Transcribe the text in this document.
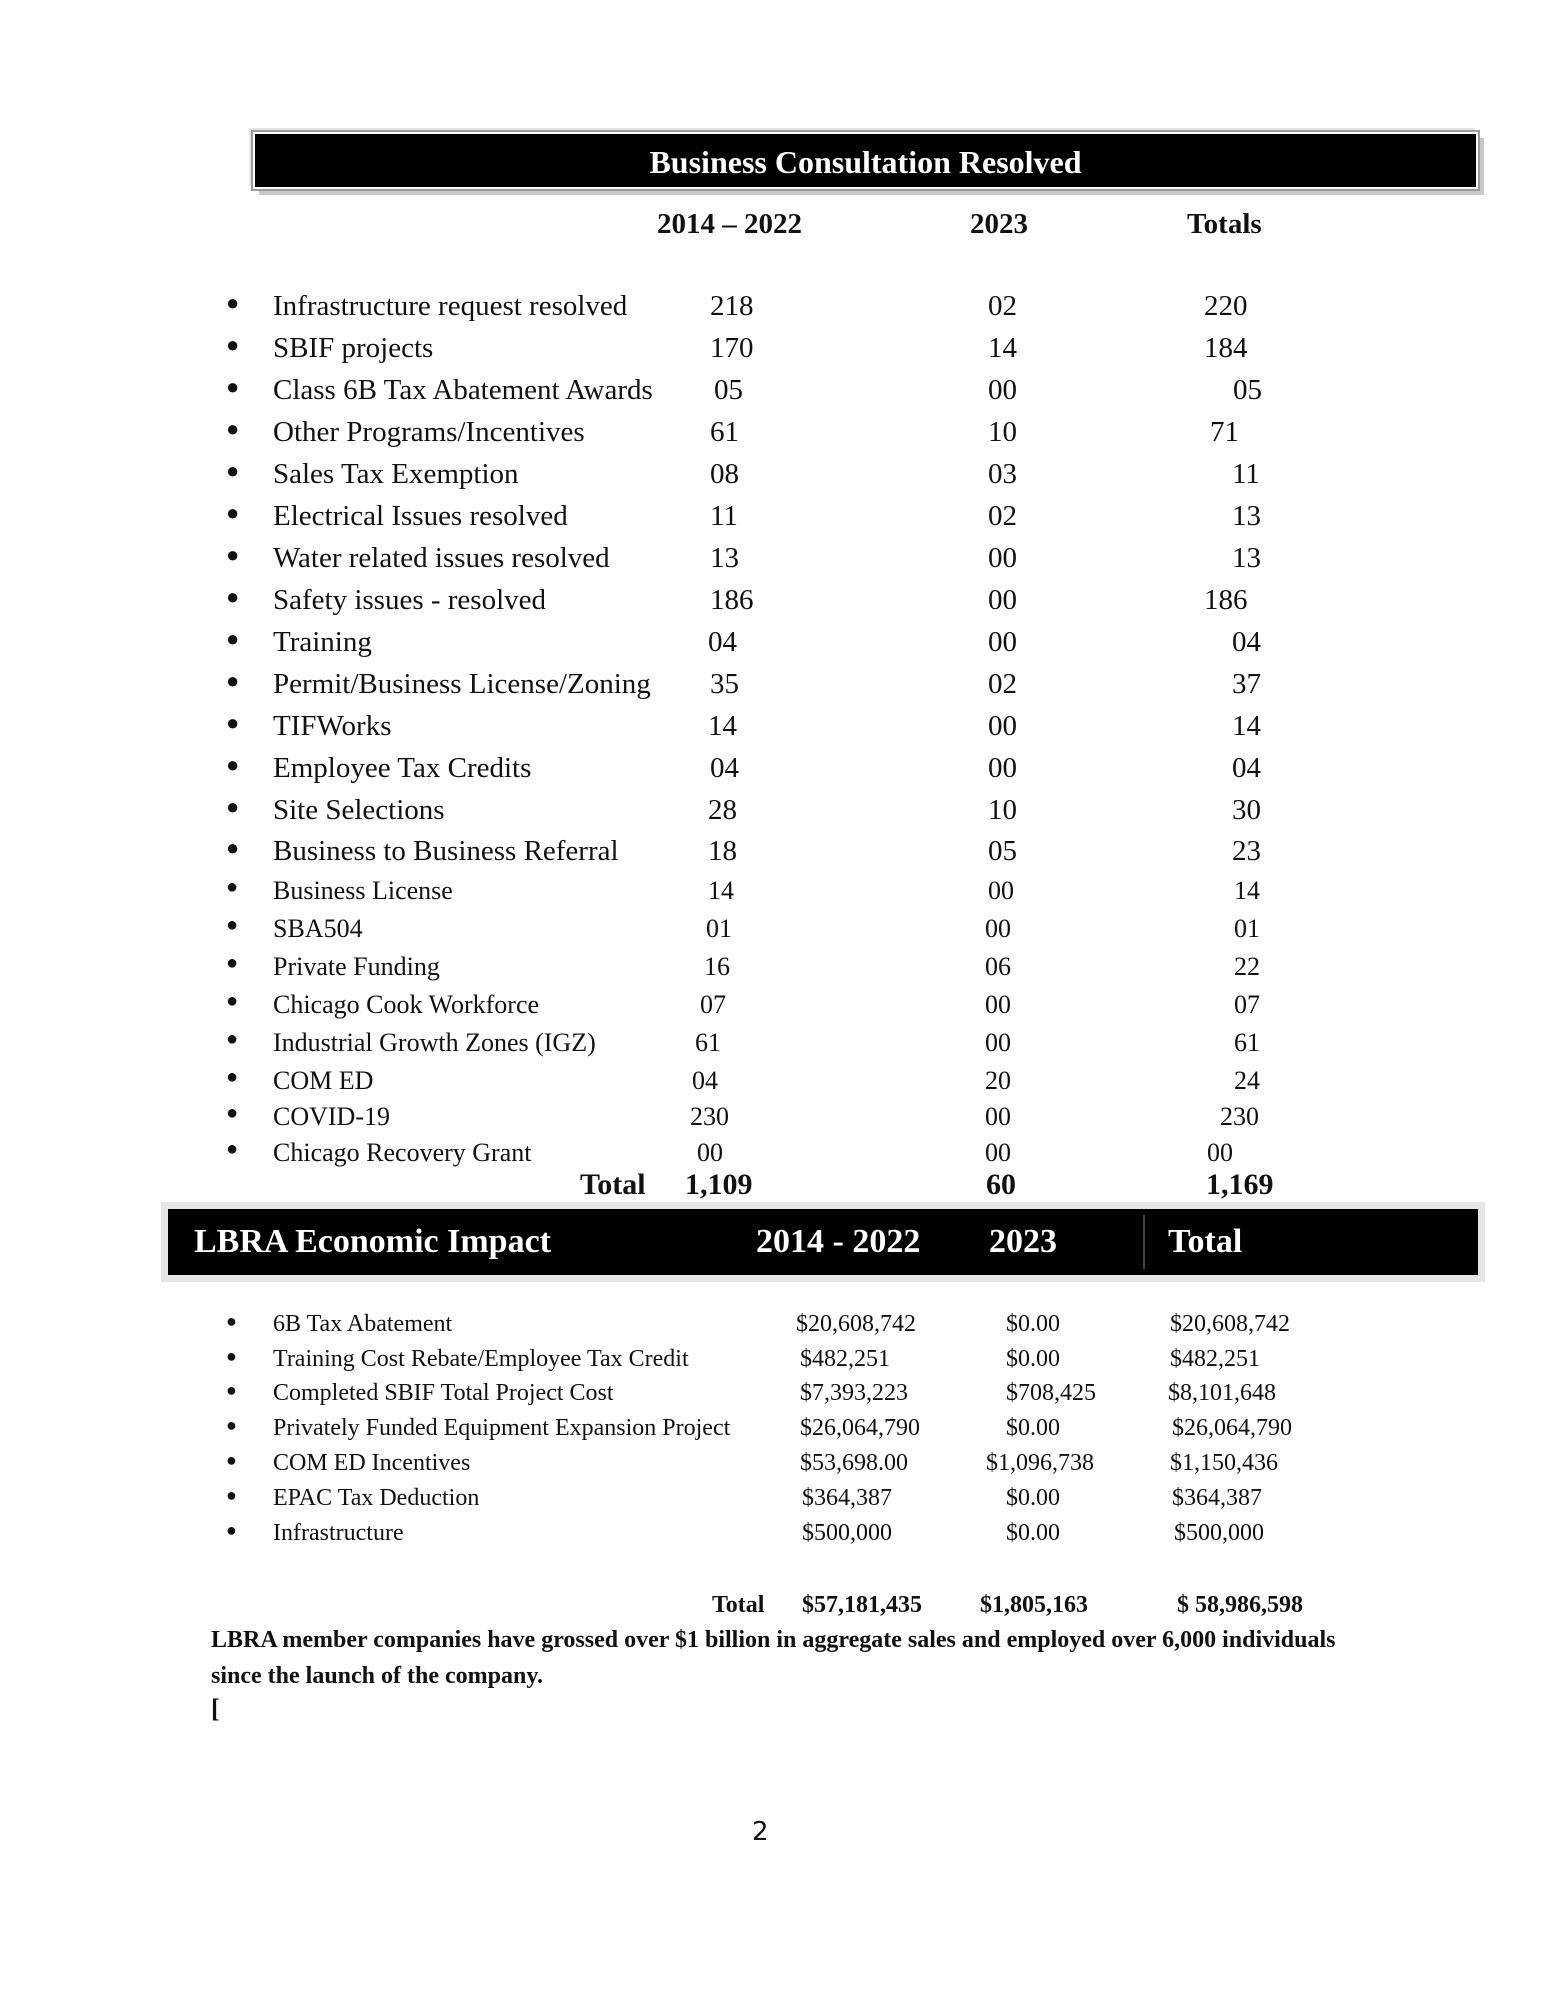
Business Consultation Resolved
2014 – 2022	2023	Totals
● Infrastructure request resolved	218	02	220
● SBIF projects	170	14	184
● Class 6B Tax Abatement Awards 05	00	05
● Other Programs/Incentives	61	10	71
● Sales Tax Exemption	08	03	11
● Electrical Issues resolved	11	02	13
● Water related issues resolved	13	00	13
● Safety issues - resolved	186	00	186
● Training	04	00	04
● Permit/Business License/Zoning 35	02	37
● TIFWorks	14	00	14
● Employee Tax Credits	04	00	04
● Site Selections	28	10	30
● Business to Business Referral	18	05	23
● Business License	14	00	14
● SBA504	01	00	01
● Private Funding	16	06	22
● Chicago Cook Workforce	07	00	07
● Industrial Growth Zones (IGZ)	61	00	61
● COM ED	04	20	24
● COVID-19	230	00	230
● Chicago Recovery Grant	00	00	00
Total 1,109	60	1,169
LBRA Economic Impact	2014 - 2022 2023	Total
● 6B Tax Abatement	$20,608,742	$0.00	$20,608,742
● Training Cost Rebate/Employee Tax Credit	$482,251	$0.00	$482,251
● Completed SBIF Total Project Cost	$7,393,223	$708,425	$8,101,648
● Privately Funded Equipment Expansion Project	$26,064,790	$0.00	$26,064,790
● COM ED Incentives	$53,698.00	$1,096,738	$1,150,436
● EPAC Tax Deduction	$364,387	$0.00	$364,387
● Infrastructure	$500,000	$0.00	$500,000
Total $57,181,435 $1,805,163	$ 58,986,598
LBRA member companies have grossed over $1 billion in aggregate sales and employed over 6,000 individuals since the launch of the company.
[
2
